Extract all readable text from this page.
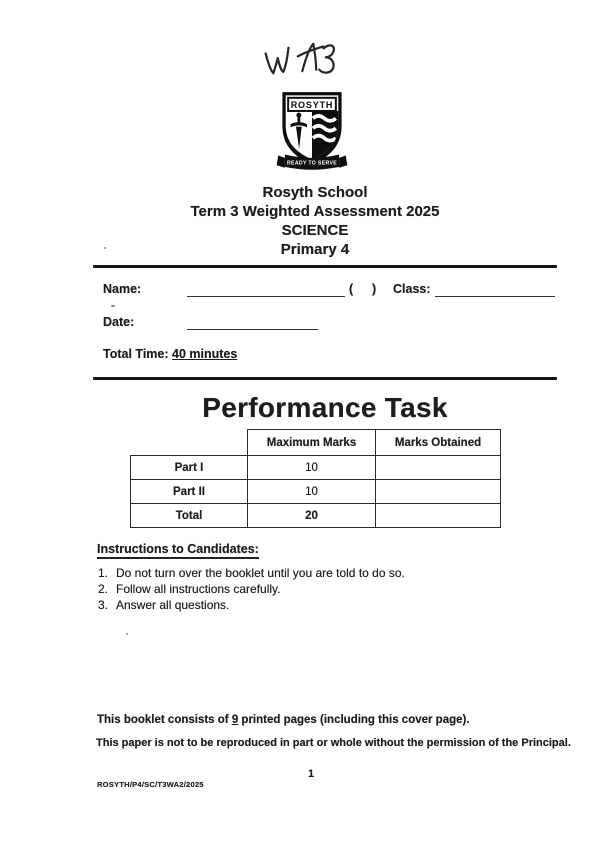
ROSYTH
READY TO SERVE
Rosyth School
Term 3 Weighted Assessment 2025
SCIENCE
Primary 4
Name:	( ) Class:
Date:
Total Time: 40 minutes
Performance Task
	Maximum Marks	Marks Obtained
Part I	10	
Part II	10	
Total	20	
Instructions to Candidates:
1. Do not turn over the booklet until you are told to do so.
2. Follow all instructions carefully.
3. Answer all questions.
This booklet consists of 9 printed pages (including this cover page).
This paper is not to be reproduced in part or whole without the permission of the Principal.
1
ROSYTH/P4/SC/T3WA2/2025
